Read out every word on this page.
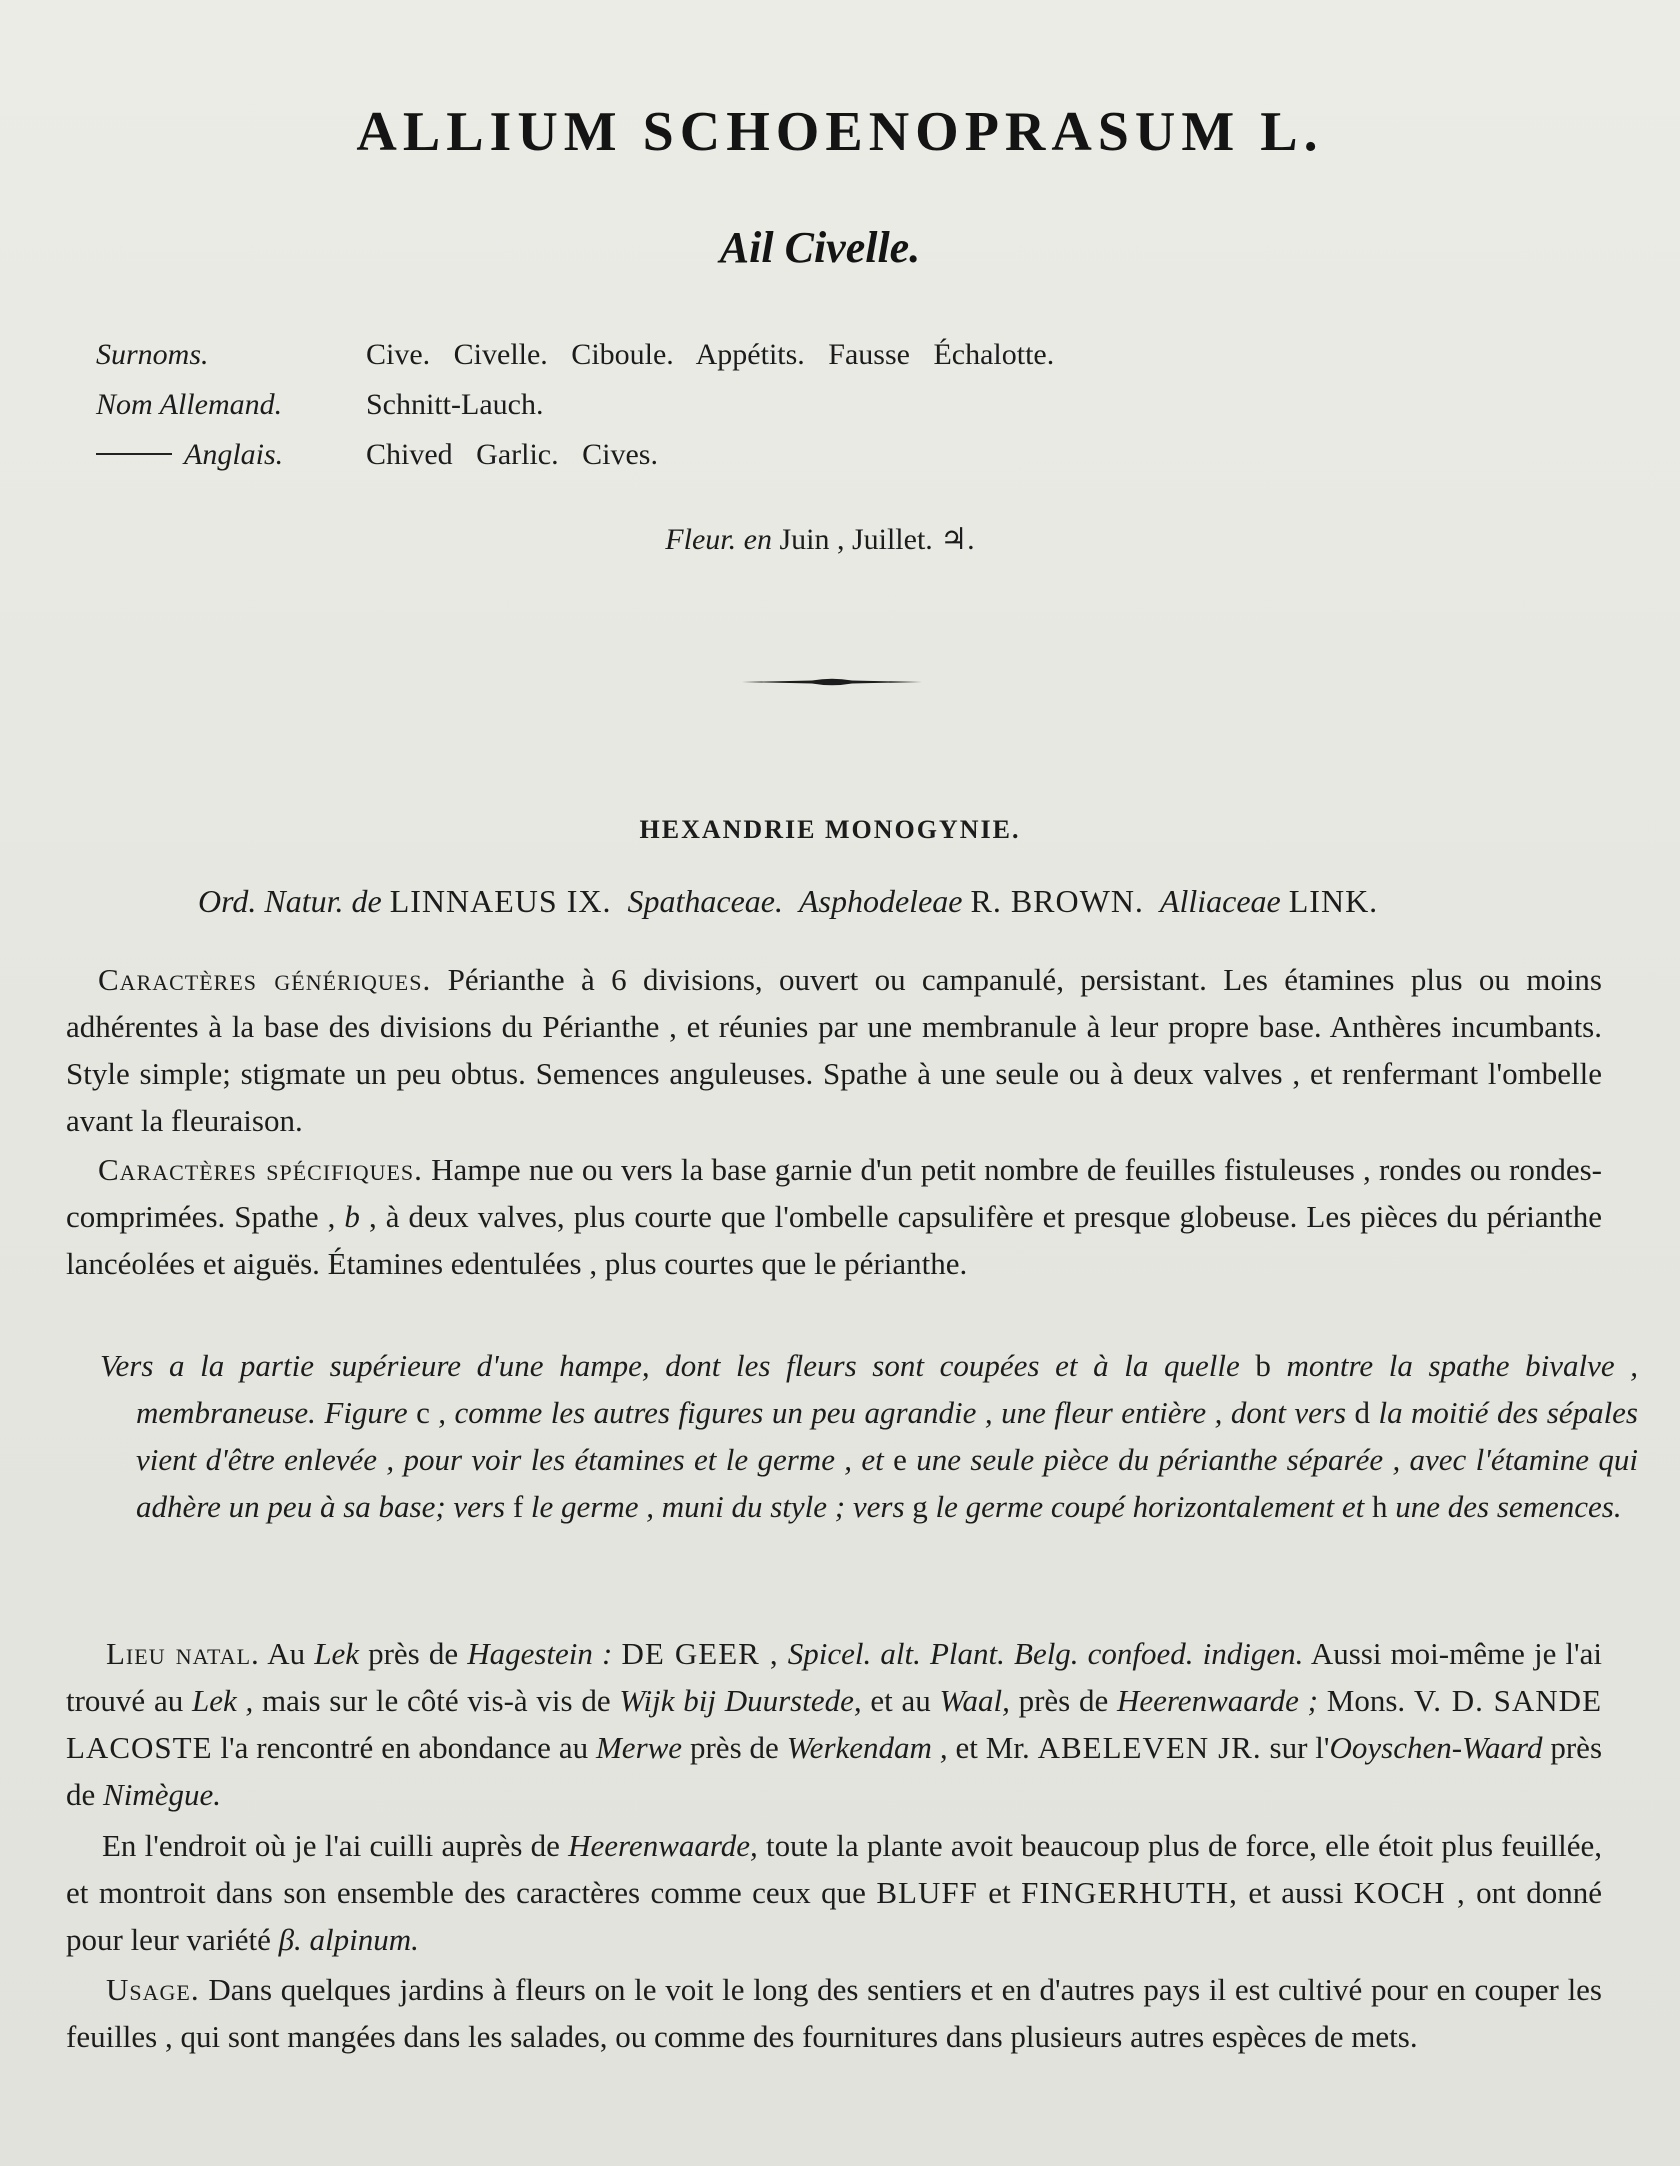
ALLIUM SCHOENOPRASUM L.
Ail Civelle.
Surnoms.	Cive. Civelle. Ciboule. Appétits. Fausse Échalotte.
Nom Allemand.	Schnitt-Lauch.
Anglais.	Chived Garlic. Cives.
Fleur. en Juin , Juillet. ♃.
HEXANDRIE MONOGYNIE.
Ord. Natur. de LINNAEUS IX. Spathaceae. Asphodeleae R. BROWN. Alliaceae LINK.

Caractères génériques. Périanthe à 6 divisions, ouvert ou campanulé, persistant. Les étamines plus ou moins adhérentes à la base des divisions du Périanthe , et réunies par une membranule à leur propre base. Anthères incumbants. Style simple; stigmate un peu obtus. Semences anguleuses. Spathe à une seule ou à deux valves , et renfermant l'ombelle avant la fleuraison.

Caractères spécifiques. Hampe nue ou vers la base garnie d'un petit nombre de feuilles fistuleuses , rondes ou rondes-comprimées. Spathe , b , à deux valves, plus courte que l'ombelle capsulifère et presque globeuse. Les pièces du périanthe lancéolées et aiguës. Étamines edentulées , plus courtes que le périanthe.

Vers a la partie supérieure d'une hampe, dont les fleurs sont coupées et à la quelle b montre la spathe bivalve , membraneuse. Figure c , comme les autres figures un peu agrandie , une fleur entière , dont vers d la moitié des sépales vient d'être enlevée , pour voir les étamines et le germe , et e une seule pièce du périanthe séparée , avec l'étamine qui adhère un peu à sa base; vers f le germe , muni du style ; vers g le germe coupé horizontalement et h une des semences.

Lieu natal. Au Lek près de Hagestein : DE GEER , Spicel. alt. Plant. Belg. confoed. indigen. Aussi moi-même je l'ai trouvé au Lek , mais sur le côté vis-à vis de Wijk bij Duurstede, et au Waal, près de Heerenwaarde ; Mons. V. D. SANDE LACOSTE l'a rencontré en abondance au Merwe près de Werkendam , et Mr. ABELEVEN JR. sur l'Ooyschen-Waard près de Nimègue.

En l'endroit où je l'ai cuilli auprès de Heerenwaarde, toute la plante avoit beaucoup plus de force, elle étoit plus feuillée, et montroit dans son ensemble des caractères comme ceux que BLUFF et FINGERHUTH, et aussi KOCH , ont donné pour leur variété β. alpinum.

Usage. Dans quelques jardins à fleurs on le voit le long des sentiers et en d'autres pays il est cultivé pour en couper les feuilles , qui sont mangées dans les salades, ou comme des fournitures dans plusieurs autres espèces de mets.
